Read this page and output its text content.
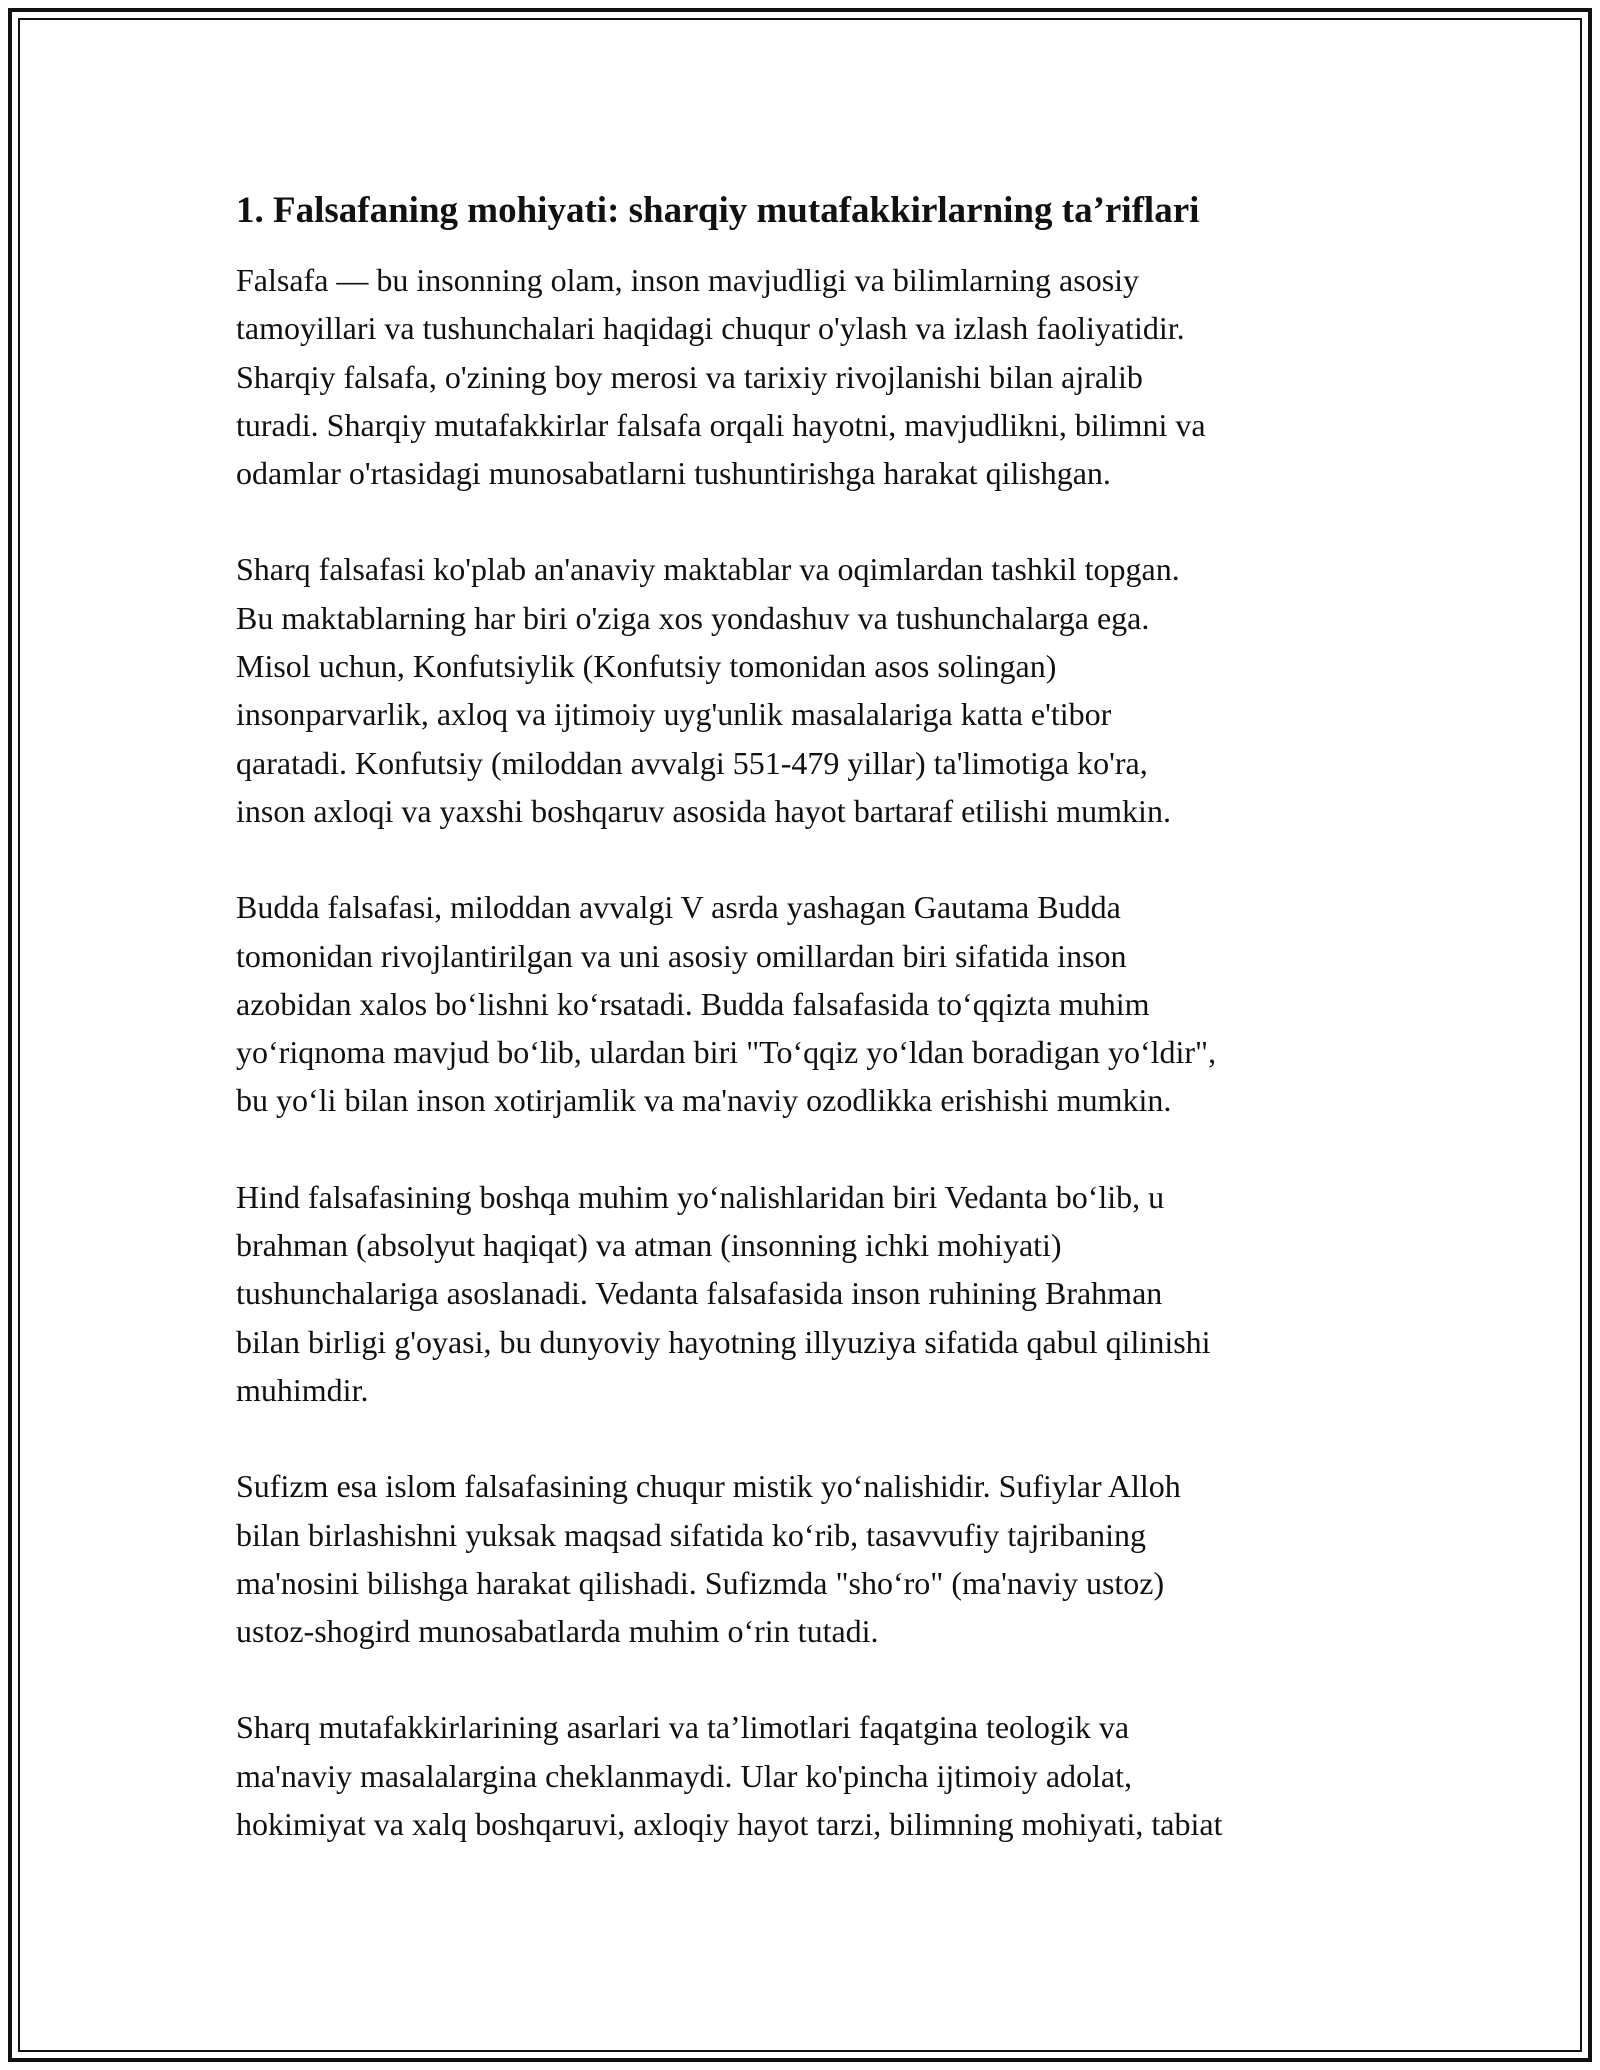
1. Falsafaning mohiyati: sharqiy mutafakkirlarning ta’riflari

Falsafa — bu insonning olam, inson mavjudligi va bilimlarning asosiy
tamoyillari va tushunchalari haqidagi chuqur o'ylash va izlash faoliyatidir.
Sharqiy falsafa, o'zining boy merosi va tarixiy rivojlanishi bilan ajralib
turadi. Sharqiy mutafakkirlar falsafa orqali hayotni, mavjudlikni, bilimni va
odamlar o'rtasidagi munosabatlarni tushuntirishga harakat qilishgan.

Sharq falsafasi ko'plab an'anaviy maktablar va oqimlardan tashkil topgan.
Bu maktablarning har biri o'ziga xos yondashuv va tushunchalarga ega.
Misol uchun, Konfutsiylik (Konfutsiy tomonidan asos solingan)
insonparvarlik, axloq va ijtimoiy uyg'unlik masalalariga katta e'tibor
qaratadi. Konfutsiy (miloddan avvalgi 551-479 yillar) ta'limotiga ko'ra,
inson axloqi va yaxshi boshqaruv asosida hayot bartaraf etilishi mumkin.

Budda falsafasi, miloddan avvalgi V asrda yashagan Gautama Budda
tomonidan rivojlantirilgan va uni asosiy omillardan biri sifatida inson
azobidan xalos bo‘lishni ko‘rsatadi. Budda falsafasida to‘qqizta muhim
yo‘riqnoma mavjud bo‘lib, ulardan biri "To‘qqiz yo‘ldan boradigan yo‘ldir",
bu yo‘li bilan inson xotirjamlik va ma'naviy ozodlikka erishishi mumkin.

Hind falsafasining boshqa muhim yo‘nalishlaridan biri Vedanta bo‘lib, u
brahman (absolyut haqiqat) va atman (insonning ichki mohiyati)
tushunchalariga asoslanadi. Vedanta falsafasida inson ruhining Brahman
bilan birligi g'oyasi, bu dunyoviy hayotning illyuziya sifatida qabul qilinishi
muhimdir.

Sufizm esa islom falsafasining chuqur mistik yo‘nalishidir. Sufiylar Alloh
bilan birlashishni yuksak maqsad sifatida ko‘rib, tasavvufiy tajribaning
ma'nosini bilishga harakat qilishadi. Sufizmda "sho‘ro" (ma'naviy ustoz)
ustoz-shogird munosabatlarda muhim o‘rin tutadi.

Sharq mutafakkirlarining asarlari va ta’limotlari faqatgina teologik va
ma'naviy masalalargina cheklanmaydi. Ular ko'pincha ijtimoiy adolat,
hokimiyat va xalq boshqaruvi, axloqiy hayot tarzi, bilimning mohiyati, tabiat
